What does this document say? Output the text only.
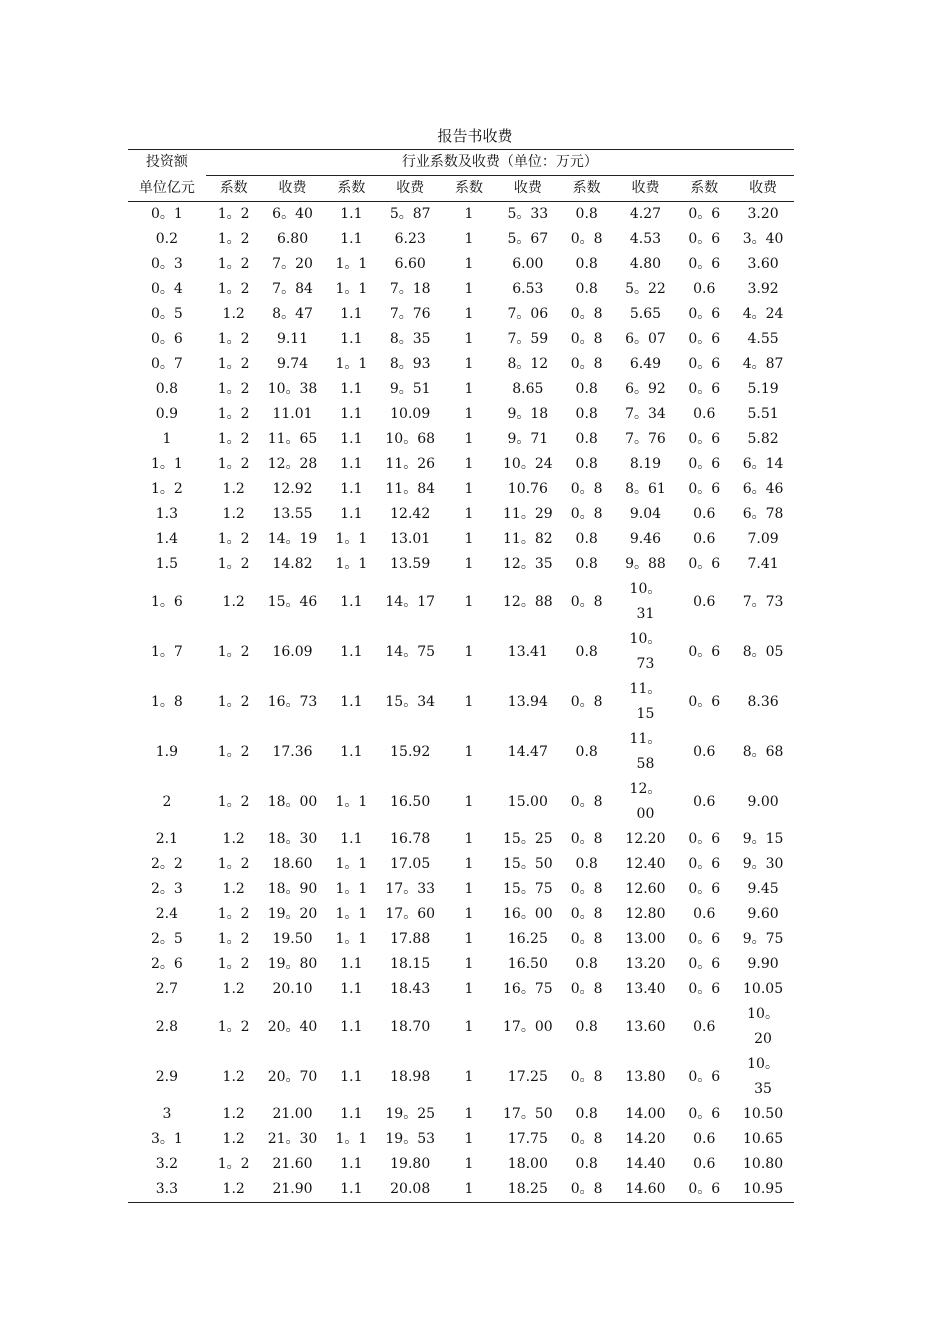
报告书收费
投资额	行业系数及收费（单位：万元）									
单位亿元	系数	收费	系数	收费	系数	收费	系数	收费	系数	收费
0。1	1。2	6。40	1.1	5。87	1	5。33	0.8	4.27	0。6	3.20
0.2	1。2	6.80	1.1	6.23	1	5。67	0。8	4.53	0。6	3。40
0。3	1。2	7。20	1。1	6.60	1	6.00	0.8	4.80	0。6	3.60
0。4	1。2	7。84	1。1	7。18	1	6.53	0.8	5。22	0.6	3.92
0。5	1.2	8。47	1.1	7。76	1	7。06	0。8	5.65	0。6	4。24
0。6	1。2	9.11	1.1	8。35	1	7。59	0。8	6。07	0。6	4.55
0。7	1。2	9.74	1。1	8。93	1	8。12	0。8	6.49	0。6	4。87
0.8	1。2	10。38	1.1	9。51	1	8.65	0.8	6。92	0。6	5.19
0.9	1。2	11.01	1.1	10.09	1	9。18	0.8	7。34	0.6	5.51
1	1。2	11。65	1.1	10。68	1	9。71	0.8	7。76	0。6	5.82
1。1	1。2	12。28	1.1	11。26	1	10。24	0.8	8.19	0。6	6。14
1。2	1.2	12.92	1.1	11。84	1	10.76	0。8	8。61	0。6	6。46
1.3	1.2	13.55	1.1	12.42	1	11。29	0。8	9.04	0.6	6。78
1.4	1。2	14。19	1。1	13.01	1	11。82	0.8	9.46	0.6	7.09
1.5	1。2	14.82	1。1	13.59	1	12。35	0.8	9。88	0。6	7.41
1。6	1.2	15。46	1.1	14。17	1	12。88	0。8	10。31	0.6	7。73
1。7	1。2	16.09	1.1	14。75	1	13.41	0.8	10。73	0。6	8。05
1。8	1。2	16。73	1.1	15。34	1	13.94	0。8	11。15	0。6	8.36
1.9	1。2	17.36	1.1	15.92	1	14.47	0.8	11。58	0.6	8。68
2	1。2	18。00	1。1	16.50	1	15.00	0。8	12。00	0.6	9.00
2.1	1.2	18。30	1.1	16.78	1	15。25	0。8	12.20	0。6	9。15
2。2	1。2	18.60	1。1	17.05	1	15。50	0.8	12.40	0。6	9。30
2。3	1.2	18。90	1。1	17。33	1	15。75	0。8	12.60	0。6	9.45
2.4	1。2	19。20	1。1	17。60	1	16。00	0。8	12.80	0.6	9.60
2。5	1。2	19.50	1。1	17.88	1	16.25	0。8	13.00	0。6	9。75
2。6	1。2	19。80	1.1	18.15	1	16.50	0.8	13.20	0。6	9.90
2.7	1.2	20.10	1.1	18.43	1	16。75	0。8	13.40	0。6	10.05
2.8	1。2	20。40	1.1	18.70	1	17。00	0.8	13.60	0.6	10。20
2.9	1.2	20。70	1.1	18.98	1	17.25	0。8	13.80	0。6	10。35
3	1.2	21.00	1.1	19。25	1	17。50	0.8	14.00	0。6	10.50
3。1	1.2	21。30	1。1	19。53	1	17.75	0。8	14.20	0.6	10.65
3.2	1。2	21.60	1.1	19.80	1	18.00	0.8	14.40	0.6	10.80
3.3	1.2	21.90	1.1	20.08	1	18.25	0。8	14.60	0。6	10.95
